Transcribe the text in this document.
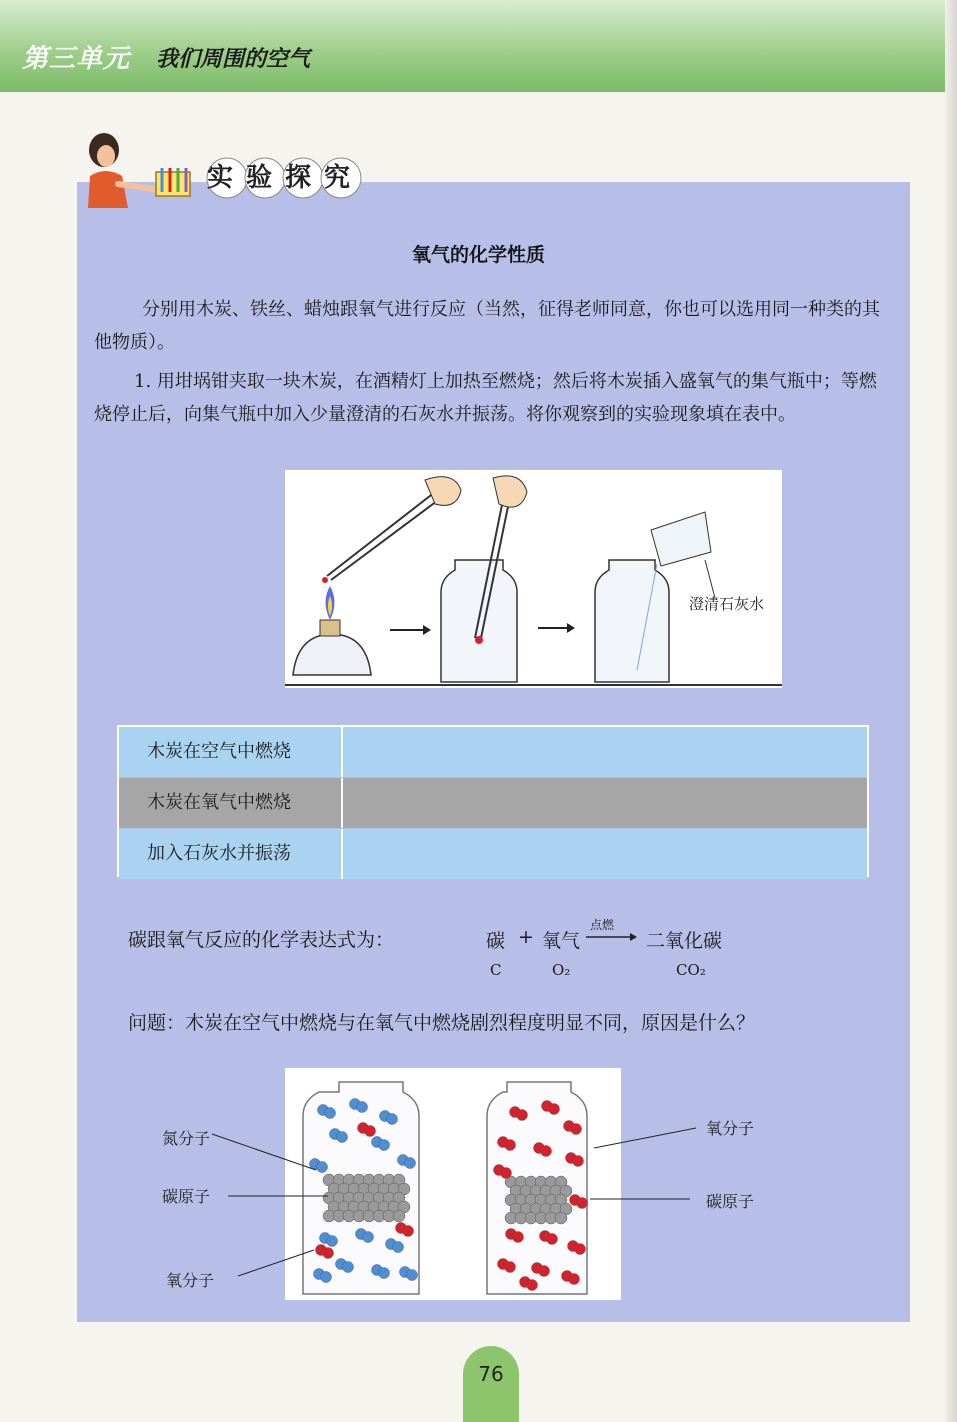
第三单元 我们周围的空气
实验探究
氧气的化学性质
分别用木炭、铁丝、蜡烛跟氧气进行反应（当然，征得老师同意，你也可以选用同一种类的其他物质）。
1. 用坩埚钳夹取一块木炭，在酒精灯上加热至燃烧；然后将木炭插入盛氧气的集气瓶中；等燃烧停止后，向集气瓶中加入少量澄清的石灰水并振荡。将你观察到的实验现象填在表中。
澄清石灰水
木炭在空气中燃烧
木炭在氧气中燃烧
加入石灰水并振荡
碳跟氧气反应的化学表达式为：	碳 + 氧气
点燃
→ 二氧化碳
C	O₂	CO₂
问题：木炭在空气中燃烧与在氧气中燃烧剧烈程度明显不同，原因是什么？
氮分子
碳原子
氧分子
氧分子
碳原子
76
